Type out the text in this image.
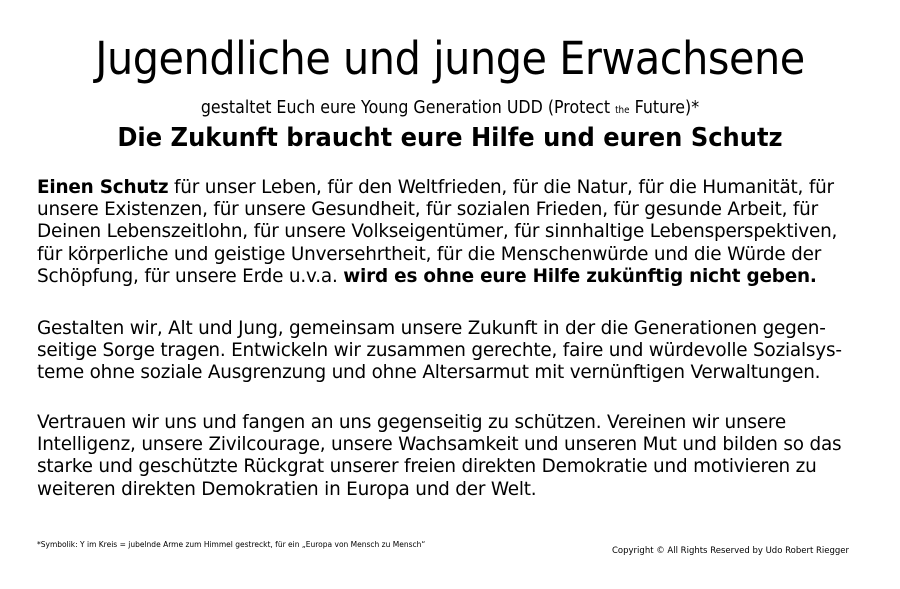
Jugendliche und junge Erwachsene

gestaltet Euch eure Young Generation UDD (Protect the Future)*

Die Zukunft braucht eure Hilfe und euren Schutz

Einen Schutz für unser Leben, für den Weltfrieden, für die Natur, für die Humanität, für unsere Existenzen, für unsere Gesundheit, für sozialen Frieden, für gesunde Arbeit, für Deinen Lebenszeitlohn, für unsere Volkseigentümer, für sinnhaltige Lebensperspektiven, für körperliche und geistige Unversehrtheit, für die Menschenwürde und die Würde der Schöpfung, für unsere Erde u.v.a. wird es ohne eure Hilfe zukünftig nicht geben.

Gestalten wir, Alt und Jung, gemeinsam unsere Zukunft in der die Generationen gegen-seitige Sorge tragen. Entwickeln wir zusammen gerechte, faire und würdevolle Sozialsys-teme ohne soziale Ausgrenzung und ohne Altersarmut mit vernünftigen Verwaltungen.

Vertrauen wir uns und fangen an uns gegenseitig zu schützen. Vereinen wir unsere Intelligenz, unsere Zivilcourage, unsere Wachsamkeit und unseren Mut und bilden so das starke und geschützte Rückgrat unserer freien direkten Demokratie und motivieren zu weiteren direkten Demokratien in Europa und der Welt.

*Symbolik: Y im Kreis = jubelnde Arme zum Himmel gestreckt, für ein „Europa von Mensch zu Mensch“

Copyright © All Rights Reserved by Udo Robert Riegger
